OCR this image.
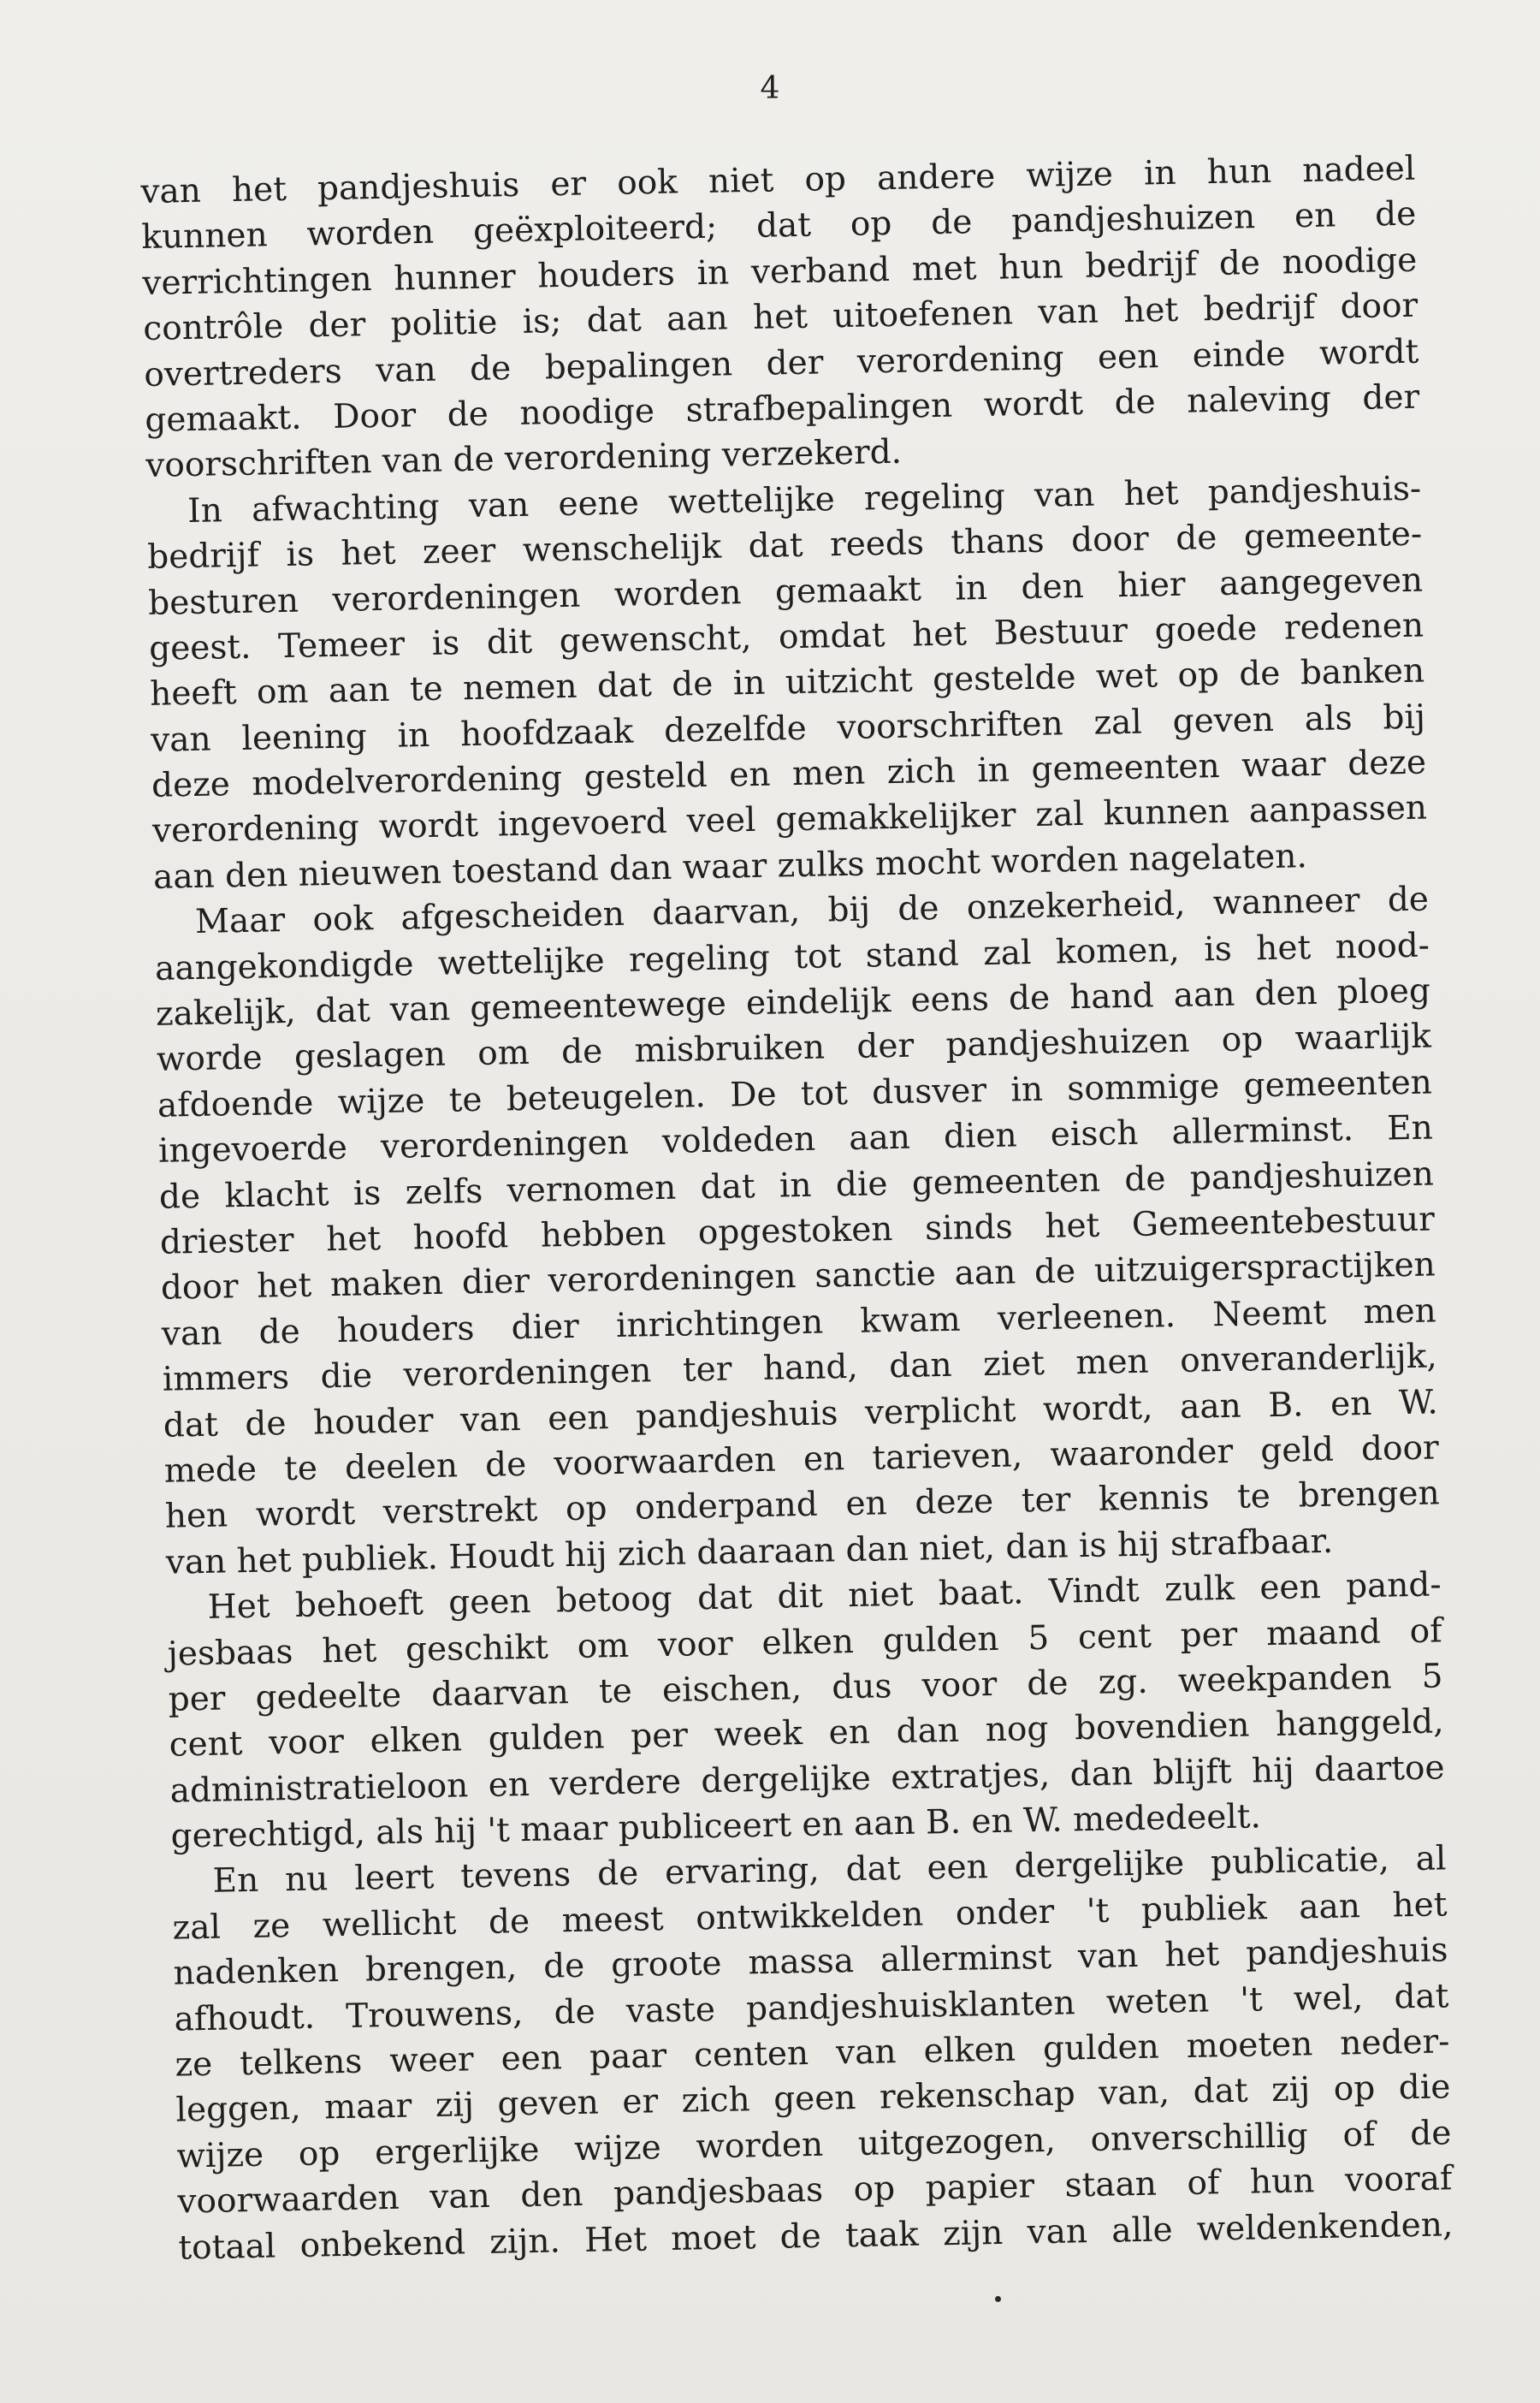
4
van het pandjeshuis er ook niet op andere wijze in hun nadeel
kunnen worden geëxploiteerd; dat op de pandjeshuizen en de
verrichtingen hunner houders in verband met hun bedrijf de noodige
contrôle der politie is; dat aan het uitoefenen van het bedrijf door
overtreders van de bepalingen der verordening een einde wordt
gemaakt. Door de noodige strafbepalingen wordt de naleving der
voorschriften van de verordening verzekerd.
In afwachting van eene wettelijke regeling van het pandjeshuis-
bedrijf is het zeer wenschelijk dat reeds thans door de gemeente-
besturen verordeningen worden gemaakt in den hier aangegeven
geest. Temeer is dit gewenscht, omdat het Bestuur goede redenen
heeft om aan te nemen dat de in uitzicht gestelde wet op de banken
van leening in hoofdzaak dezelfde voorschriften zal geven als bij
deze modelverordening gesteld en men zich in gemeenten waar deze
verordening wordt ingevoerd veel gemakkelijker zal kunnen aanpassen
aan den nieuwen toestand dan waar zulks mocht worden nagelaten.
Maar ook afgescheiden daarvan, bij de onzekerheid, wanneer de
aangekondigde wettelijke regeling tot stand zal komen, is het nood-
zakelijk, dat van gemeentewege eindelijk eens de hand aan den ploeg
worde geslagen om de misbruiken der pandjeshuizen op waarlijk
afdoende wijze te beteugelen. De tot dusver in sommige gemeenten
ingevoerde verordeningen voldeden aan dien eisch allerminst. En
de klacht is zelfs vernomen dat in die gemeenten de pandjeshuizen
driester het hoofd hebben opgestoken sinds het Gemeentebestuur
door het maken dier verordeningen sanctie aan de uitzuigerspractijken
van de houders dier inrichtingen kwam verleenen. Neemt men
immers die verordeningen ter hand, dan ziet men onveranderlijk,
dat de houder van een pandjeshuis verplicht wordt, aan B. en W.
mede te deelen de voorwaarden en tarieven, waaronder geld door
hen wordt verstrekt op onderpand en deze ter kennis te brengen
van het publiek. Houdt hij zich daaraan dan niet, dan is hij strafbaar.
Het behoeft geen betoog dat dit niet baat. Vindt zulk een pand-
jesbaas het geschikt om voor elken gulden 5 cent per maand of
per gedeelte daarvan te eischen, dus voor de zg. weekpanden 5
cent voor elken gulden per week en dan nog bovendien hanggeld,
administratieloon en verdere dergelijke extratjes, dan blijft hij daartoe
gerechtigd, als hij 't maar publiceert en aan B. en W. mededeelt.
En nu leert tevens de ervaring, dat een dergelijke publicatie, al
zal ze wellicht de meest ontwikkelden onder 't publiek aan het
nadenken brengen, de groote massa allerminst van het pandjeshuis
afhoudt. Trouwens, de vaste pandjeshuisklanten weten 't wel, dat
ze telkens weer een paar centen van elken gulden moeten neder-
leggen, maar zij geven er zich geen rekenschap van, dat zij op die
wijze op ergerlijke wijze worden uitgezogen, onverschillig of de
voorwaarden van den pandjesbaas op papier staan of hun vooraf
totaal onbekend zijn. Het moet de taak zijn van alle weldenkenden,
